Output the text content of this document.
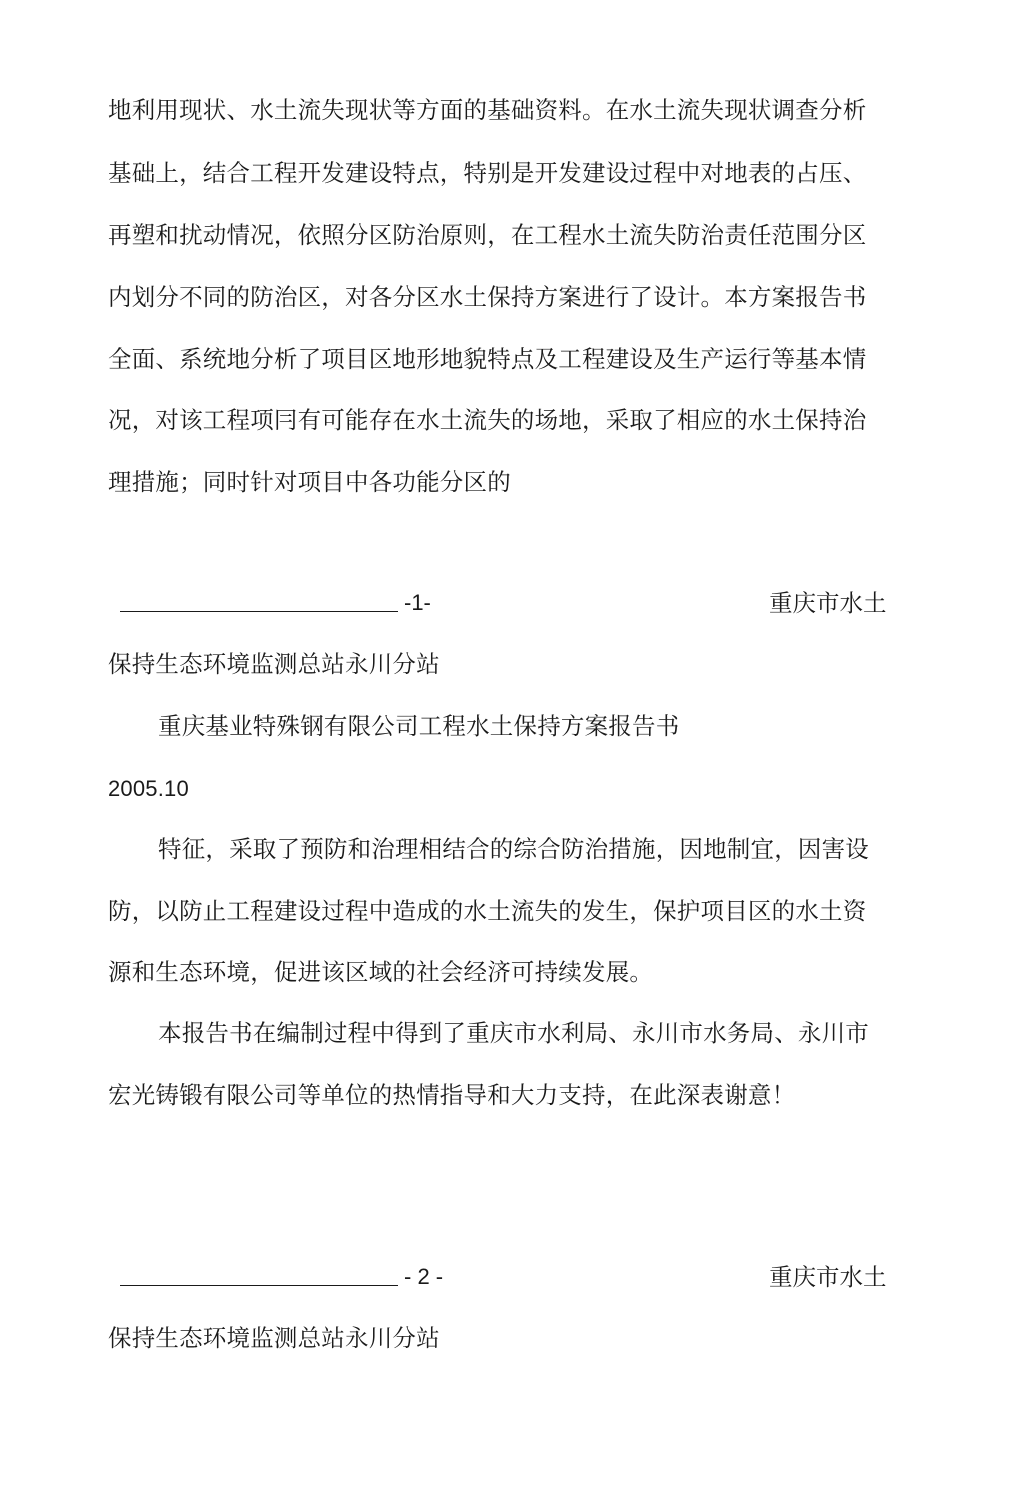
地利用现状、水土流失现状等方面的基础资料。在水土流失现状调查分析
基础上，结合工程开发建设特点，特别是开发建设过程中对地表的占压、
再塑和扰动情况，依照分区防治原则，在工程水土流失防治责任范围分区
内划分不同的防治区，对各分区水土保持方案进行了设计。本方案报告书
全面、系统地分析了项目区地形地貌特点及工程建设及生产运行等基本情
况，对该工程项冃有可能存在水土流失的场地，采取了相应的水土保持治
理措施；同时针对项目中各功能分区的
-1-	重庆市水土
保持生态环境监测总站永川分站
重庆基业特殊钢有限公司工程水土保持方案报告书
2005.10
特征，采取了预防和治理相结合的综合防治措施，因地制宜，因害设
防，以防止工程建设过程中造成的水土流失的发生，保护项目区的水土资
源和生态环境，促进该区域的社会经济可持续发展。
本报告书在编制过程中得到了重庆市水利局、永川市水务局、永川市
宏光铸锻有限公司等单位的热情指导和大力支持，在此深表谢意！
- 2 -	重庆市水土
保持生态环境监测总站永川分站
